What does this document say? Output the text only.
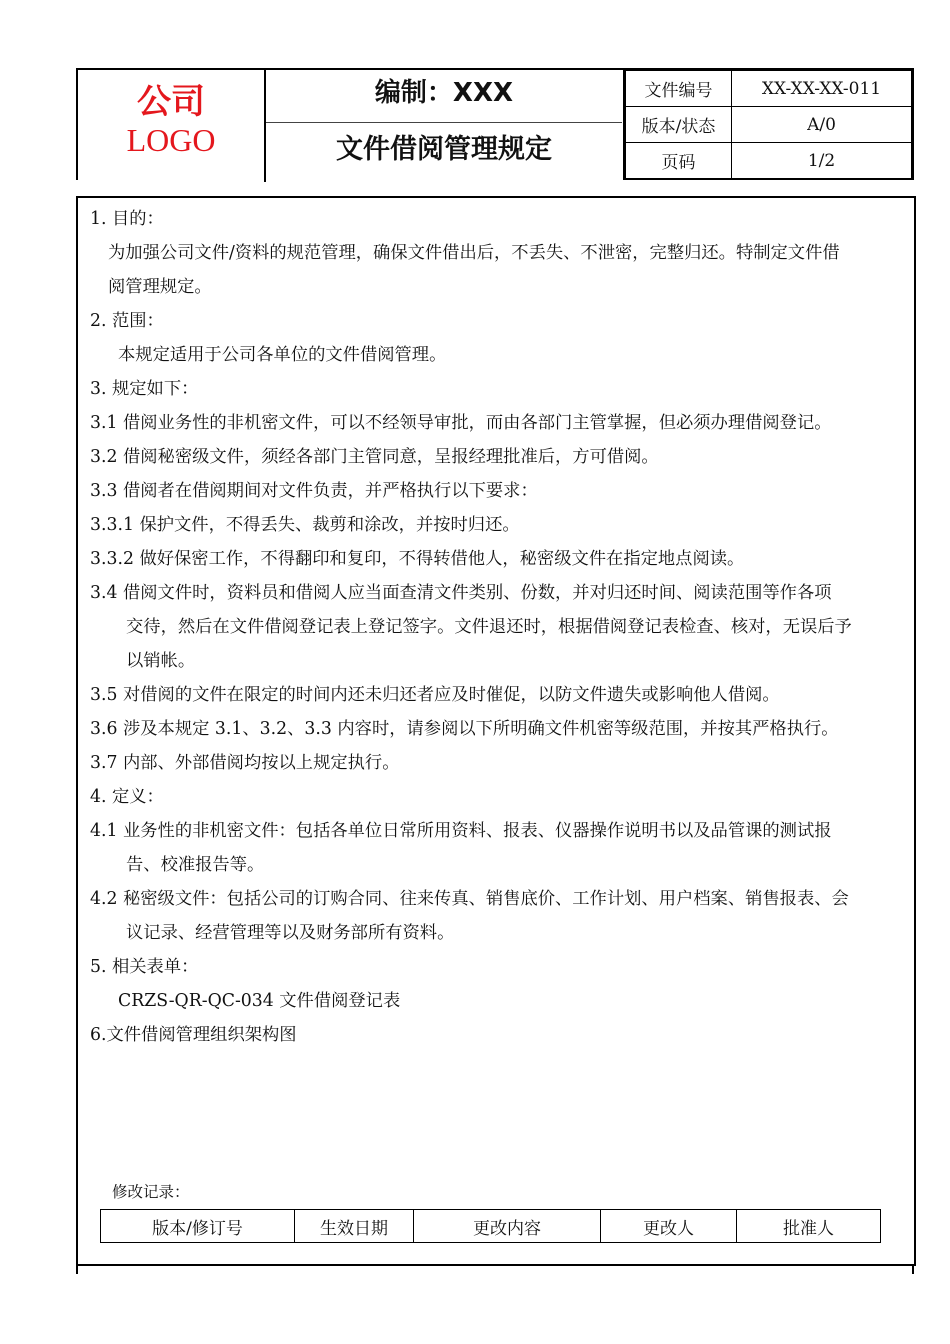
公司
LOGO
编制：XXX
文件借阅管理规定
文件编号	XX-XX-XX-011
版本/状态	A/0
页码	1/2

1. 目的：

为加强公司文件/资料的规范管理，确保文件借出后，不丢失、不泄密，完整归还。特制定文件借

阅管理规定。

2. 范围：

本规定适用于公司各单位的文件借阅管理。

3. 规定如下：

3.1 借阅业务性的非机密文件，可以不经领导审批，而由各部门主管掌握，但必须办理借阅登记。

3.2 借阅秘密级文件，须经各部门主管同意，呈报经理批准后，方可借阅。

3.3 借阅者在借阅期间对文件负责，并严格执行以下要求：

3.3.1 保护文件，不得丢失、裁剪和涂改，并按时归还。

3.3.2 做好保密工作，不得翻印和复印，不得转借他人，秘密级文件在指定地点阅读。

3.4 借阅文件时，资料员和借阅人应当面查清文件类别、份数，并对归还时间、阅读范围等作各项

交待，然后在文件借阅登记表上登记签字。文件退还时，根据借阅登记表检查、核对，无误后予

以销帐。

3.5 对借阅的文件在限定的时间内还未归还者应及时催促，以防文件遗失或影响他人借阅。

3.6 涉及本规定 3.1、3.2、3.3 内容时，请参阅以下所明确文件机密等级范围，并按其严格执行。

3.7 内部、外部借阅均按以上规定执行。

4. 定义：

4.1 业务性的非机密文件：包括各单位日常所用资料、报表、仪器操作说明书以及品管课的测试报

告、校准报告等。

4.2 秘密级文件：包括公司的订购合同、往来传真、销售底价、工作计划、用户档案、销售报表、会

议记录、经营管理等以及财务部所有资料。

5. 相关表单：

CRZS-QR-QC-034 文件借阅登记表

6.文件借阅管理组织架构图

修改记录：
版本/修订号	生效日期	更改内容	更改人	批准人
